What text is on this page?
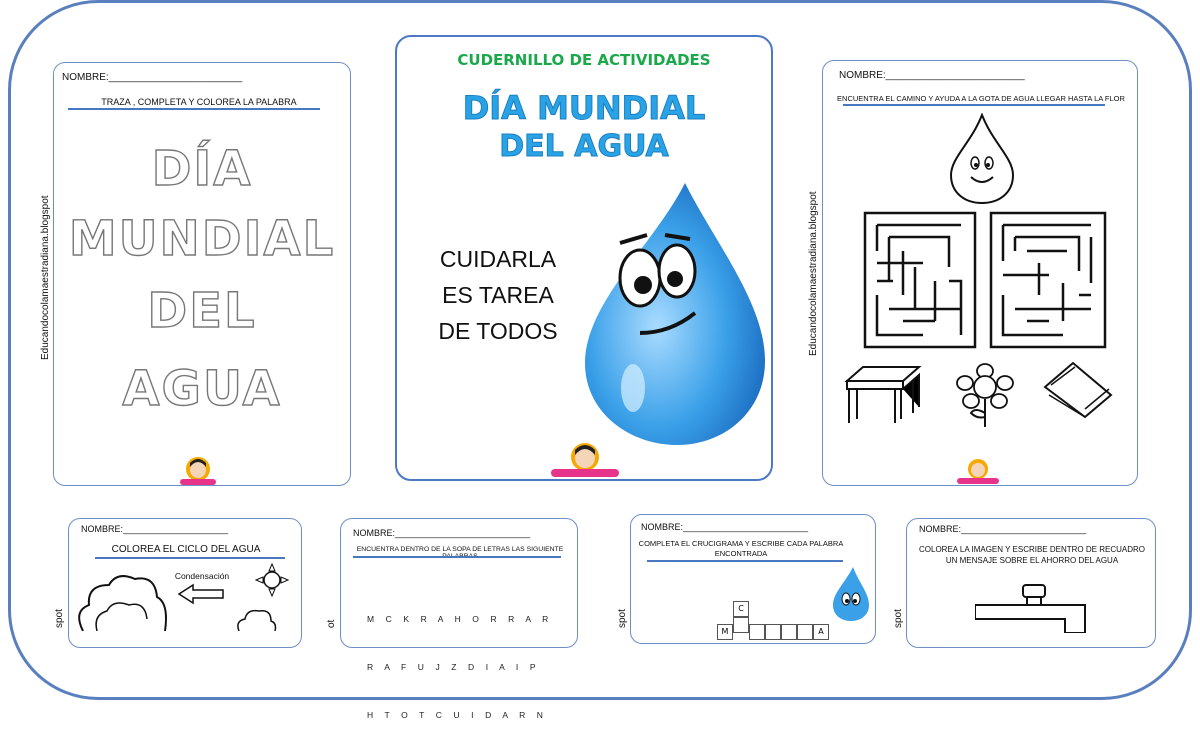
NOMBRE:________________________
TRAZA , COMPLETA Y COLOREA LA PALABRA
DÍA
MUNDIAL
DEL
AGUA
Educandocolamaestradiana.blogspot
CUDERNILLO DE ACTIVIDADES
DÍA MUNDIAL
DEL AGUA
CUIDARLA
ES TAREA
DE TODOS
NOMBRE:_________________________
ENCUENTRA EL CAMINO Y AYUDA A LA GOTA DE AGUA LLEGAR HASTA LA FLOR
Educandocolamaestradiana.blogspot
NOMBRE:_____________________
COLOREA EL CICLO DEL AGUA
Condensación
spot
NOMBRE:___________________________
ENCUENTRA DENTRO DE LA SOPA DE LETRAS LAS SIGUIENTE

M C K R A H O R R A R

R A F U J Z D I A I P

H T O T C U I D A R N

ot
NOMBRE:_________________________
COMPLETA EL CRUCIGRAMA Y ESCRIBE CADA PALABRA
ENCONTRADA
C
M	A
spot
NOMBRE:_________________________
COLOREA LA IMAGEN Y ESCRIBE DENTRO DE RECUADRO
UN MENSAJE SOBRE EL AHORRO DEL AGUA
spot
